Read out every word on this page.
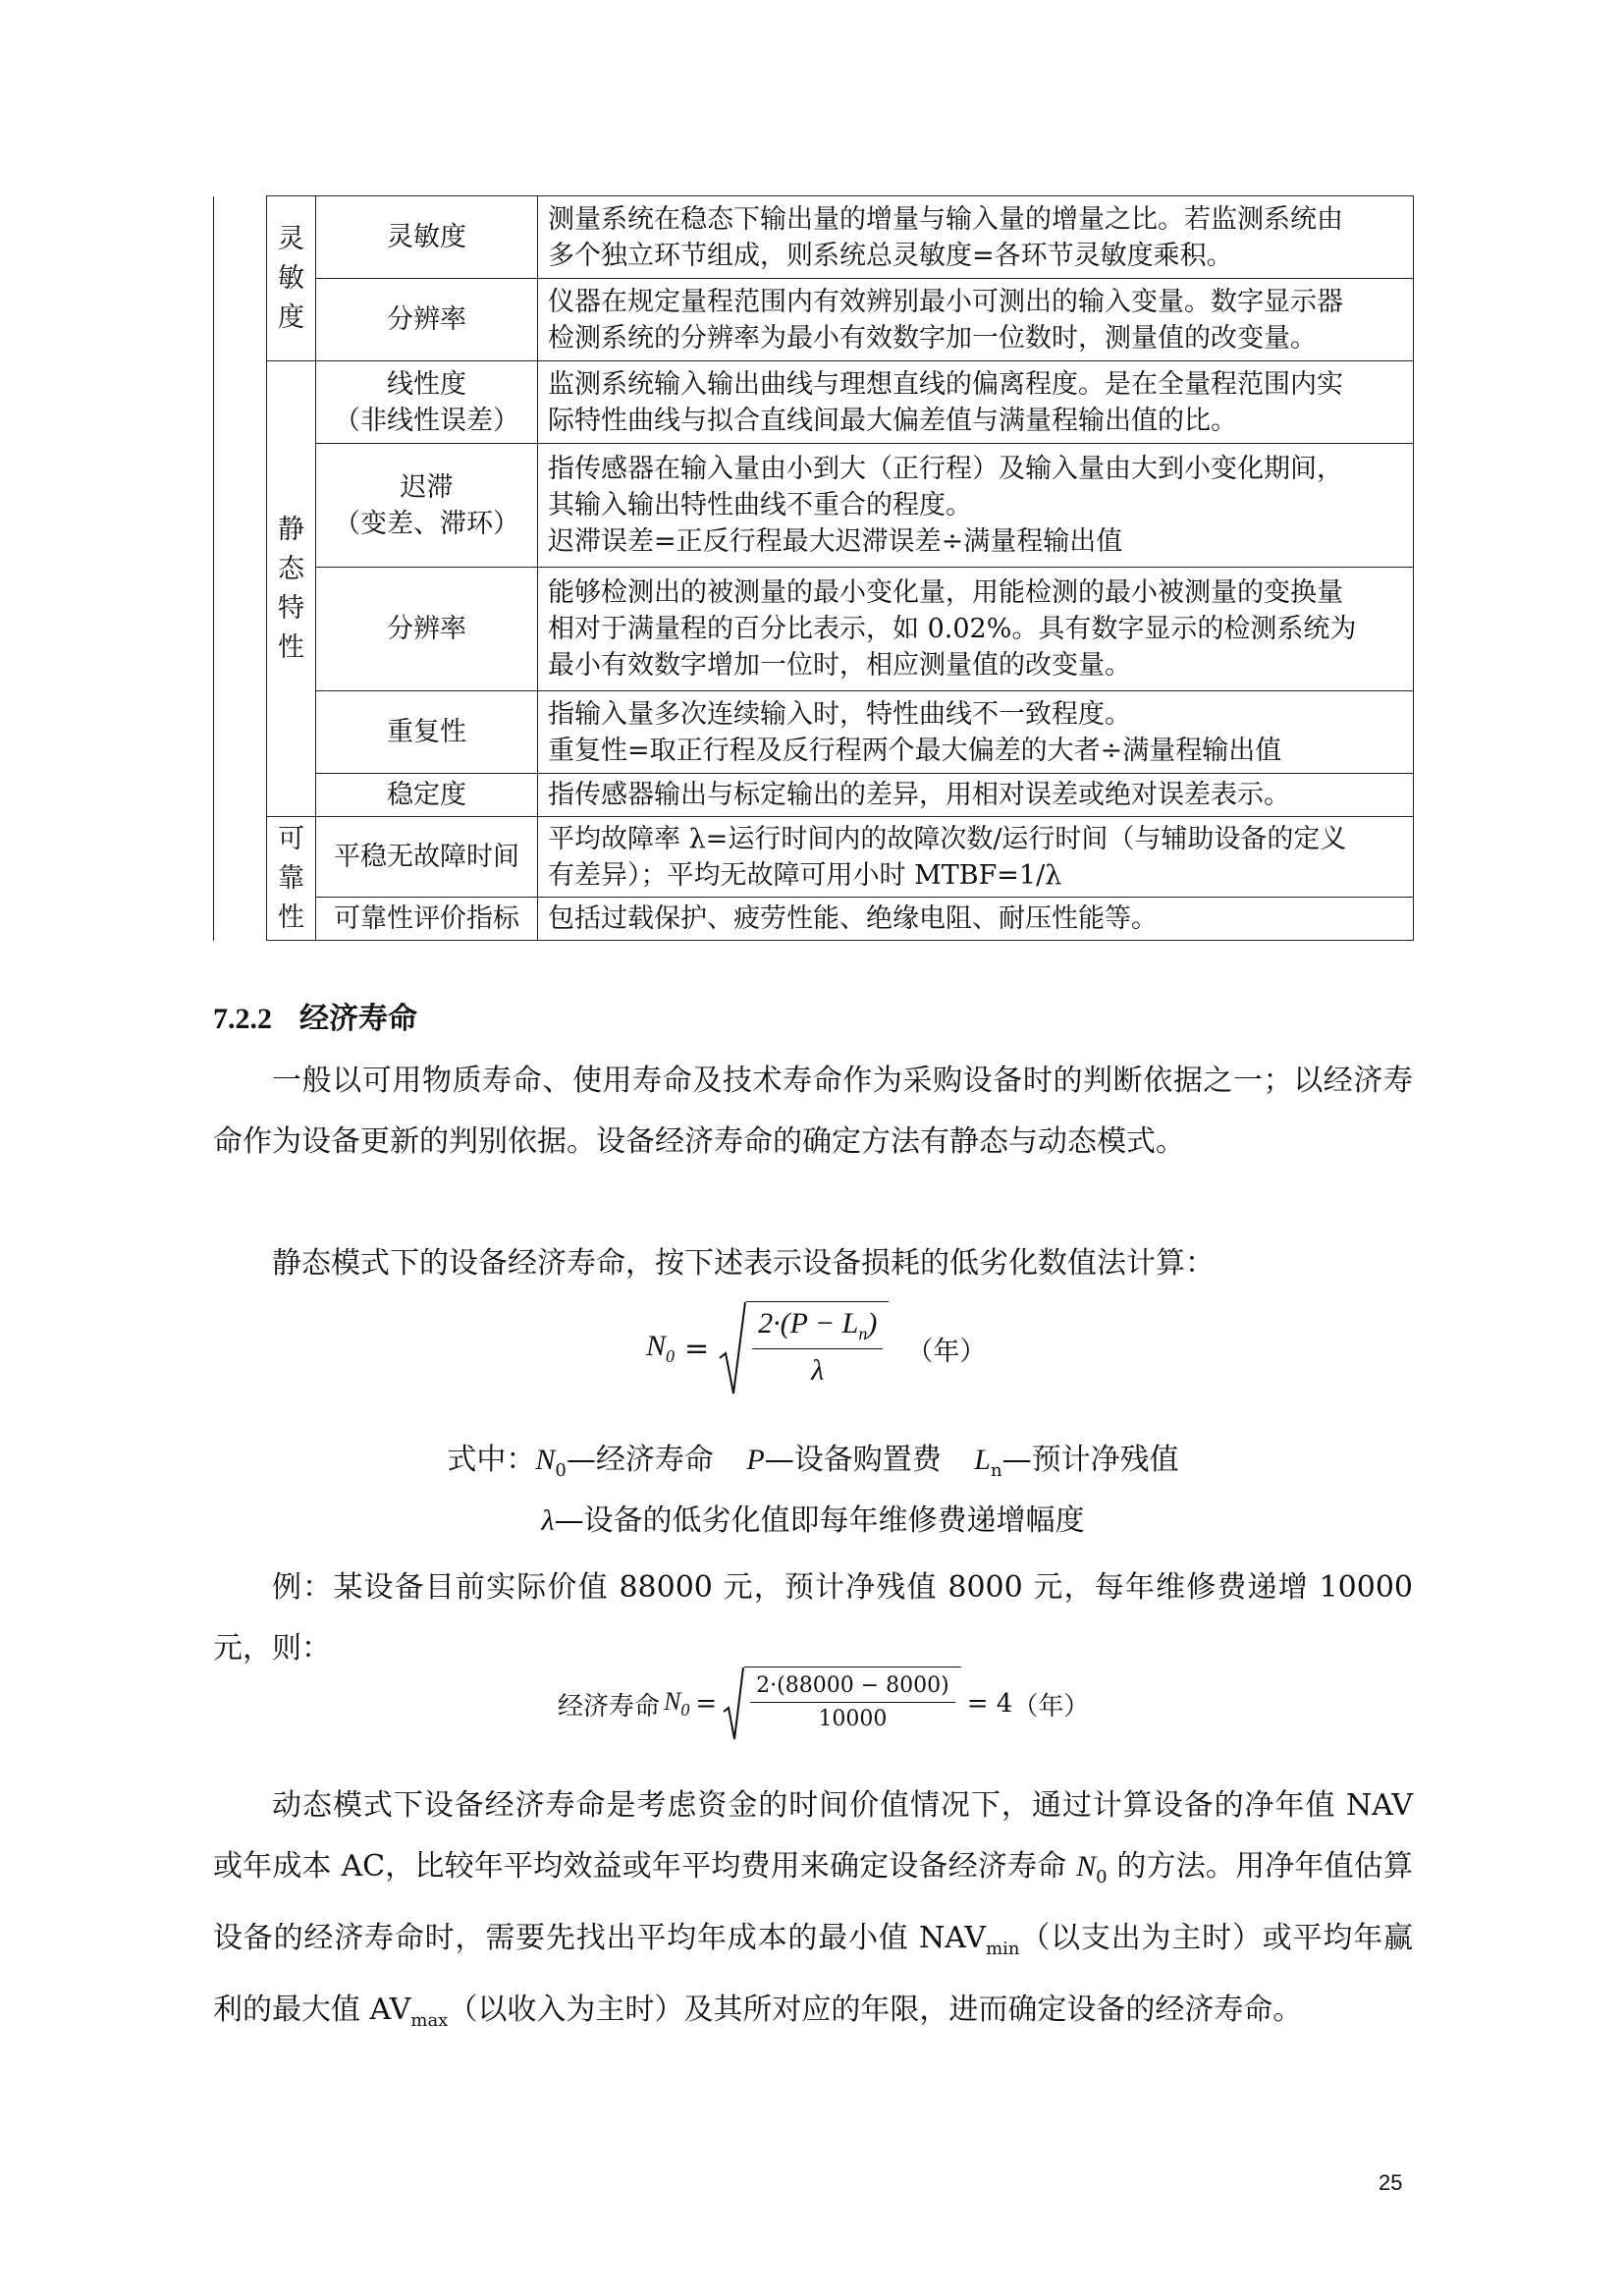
	灵
敏
度	灵敏度	测量系统在稳态下输出量的增量与输入量的增量之比。若监测系统由
多个独立环节组成，则系统总灵敏度=各环节灵敏度乘积。

		分辨率	仪器在规定量程范围内有效辨别最小可测出的输入变量。数字显示器
检测系统的分辨率为最小有效数字加一位数时，测量值的改变量。

	静
态
特
性	线性度
（非线性误差）	监测系统输入输出曲线与理想直线的偏离程度。是在全量程范围内实
际特性曲线与拟合直线间最大偏差值与满量程输出值的比。

		迟滞
（变差、滞环）	指传感器在输入量由小到大（正行程）及输入量由大到小变化期间，
其输入输出特性曲线不重合的程度。
迟滞误差=正反行程最大迟滞误差÷满量程输出值

		分辨率	能够检测出的被测量的最小变化量，用能检测的最小被测量的变换量
相对于满量程的百分比表示，如 0.02%。具有数字显示的检测系统为
最小有效数字增加一位时，相应测量值的改变量。

		重复性	指输入量多次连续输入时，特性曲线不一致程度。
重复性=取正行程及反行程两个最大偏差的大者÷满量程输出值

		稳定度	指传感器输出与标定输出的差异，用相对误差或绝对误差表示。

	可
靠
性	平稳无故障时间	平均故障率 λ=运行时间内的故障次数/运行时间（与辅助设备的定义
有差异）；平均无故障可用小时 MTBF=1/λ

		可靠性评价指标	包括过载保护、疲劳性能、绝缘电阻、耐压性能等。
7.2.2 经济寿命

一般以可用物质寿命、使用寿命及技术寿命作为采购设备时的判断依据之一；以经济寿命作为设备更新的判别依据。设备经济寿命的确定方法有静态与动态模式。

静态模式下的设备经济寿命，按下述表示设备损耗的低劣化数值法计算：

$N_0 = \frac{2\cdot(P - L_n)}{\lambda}$ （年）
式中：$N_0—$经济寿命 P—设备购置费 $L_n—$预计净残值
λ—设备的低劣化值即每年维修费递增幅度

例：某设备目前实际价值 88000 元，预计净残值 8000 元，每年维修费递增 10000 元，则：

经济寿命 $N_0 = \frac{2\cdot(88000 - 8000)}{10000} = 4$ （年）

动态模式下设备经济寿命是考虑资金的时间价值情况下，通过计算设备的净年值 NAV 或年成本 AC，比较年平均效益或年平均费用来确定设备经济寿命 $N_0$ 的方法。用净年值估算设备的经济寿命时，需要先找出平均年成本的最小值 $NAV_{min}$（以支出为主时）或平均年赢利的最大值 $AV_{max}$（以收入为主时）及其所对应的年限，进而确定设备的经济寿命。

25
